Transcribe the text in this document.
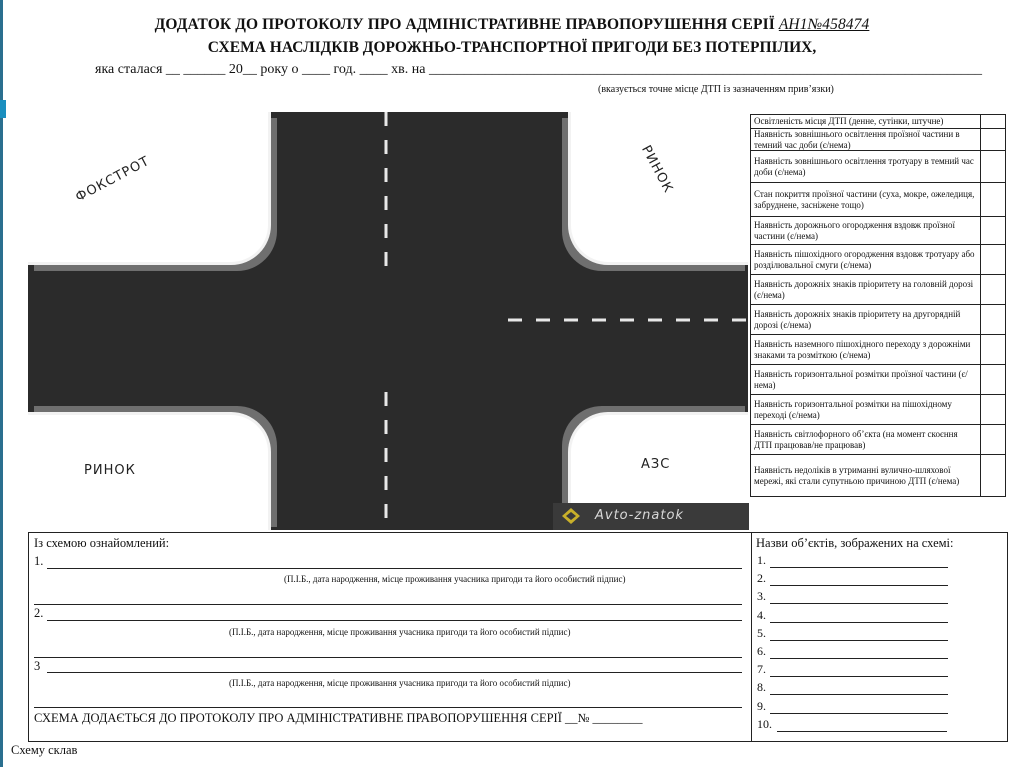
ДОДАТОК ДО ПРОТОКОЛУ ПРО АДМІНІСТРАТИВНЕ ПРАВОПОРУШЕННЯ СЕРІЇ АН1№458474
СХЕМА НАСЛІДКІВ ДОРОЖНЬО-ТРАНСПОРТНОЇ ПРИГОДИ БЕЗ ПОТЕРПІЛИХ,
яка сталася __ ______ 20__ року о ____ год. ____ хв. на _______________________________________________________________________________
(вказується точне місце ДТП із зазначенням прив’язки)
ФОКСТРОТ	РИНОК
РИНОК	АЗС
Avto-znatok
Освітленість місця ДТП (денне, сутінки, штучне)	
Наявність зовнішнього освітлення проїзної частини в темний час доби (є/нема)	
Наявність зовнішнього освітлення тротуару в темний час доби (є/нема)	
Стан покриття проїзної частини (суха, мокре, ожеледиця, забруднене, засніжене тощо)	
Наявність дорожнього огородження вздовж проїзної частини (є/нема)	
Наявність пішохідного огородження вздовж тротуару або розділювальної смуги (є/нема)	
Наявність дорожніх знаків пріоритету на головній дорозі (є/нема)	
Наявність дорожніх знаків пріоритету на другорядній дорозі (є/нема)	
Наявність наземного пішохідного переходу з дорожніми знаками та розміткою (є/нема)	
Наявність горизонтальної розмітки проїзної частини (є/нема)	
Наявність горизонтальної розмітки на пішохідному переході (є/нема)	
Наявність світлофорного об’єкта (на момент скоєння ДТП працював/не працював)	
Наявність недоліків в утриманні вулично-шляхової мережі, які стали супутньою причиною ДТП (є/нема)	
Із схемою ознайомлений:
1.
(П.І.Б., дата народження, місце проживання учасника пригоди та його особистий підпис)
2.
(П.І.Б., дата народження, місце проживання учасника пригоди та його особистий підпис)
3
(П.І.Б., дата народження, місце проживання учасника пригоди та його особистий підпис)
СХЕМА ДОДАЄТЬСЯ ДО ПРОТОКОЛУ ПРО АДМІНІСТРАТИВНЕ ПРАВОПОРУШЕННЯ СЕРІЇ __№ ________
Назви об’єктів, зображених на схемі:
1.
2.
3.
4.
5.
6.
7.
8.
9.
10.
Схему склав
